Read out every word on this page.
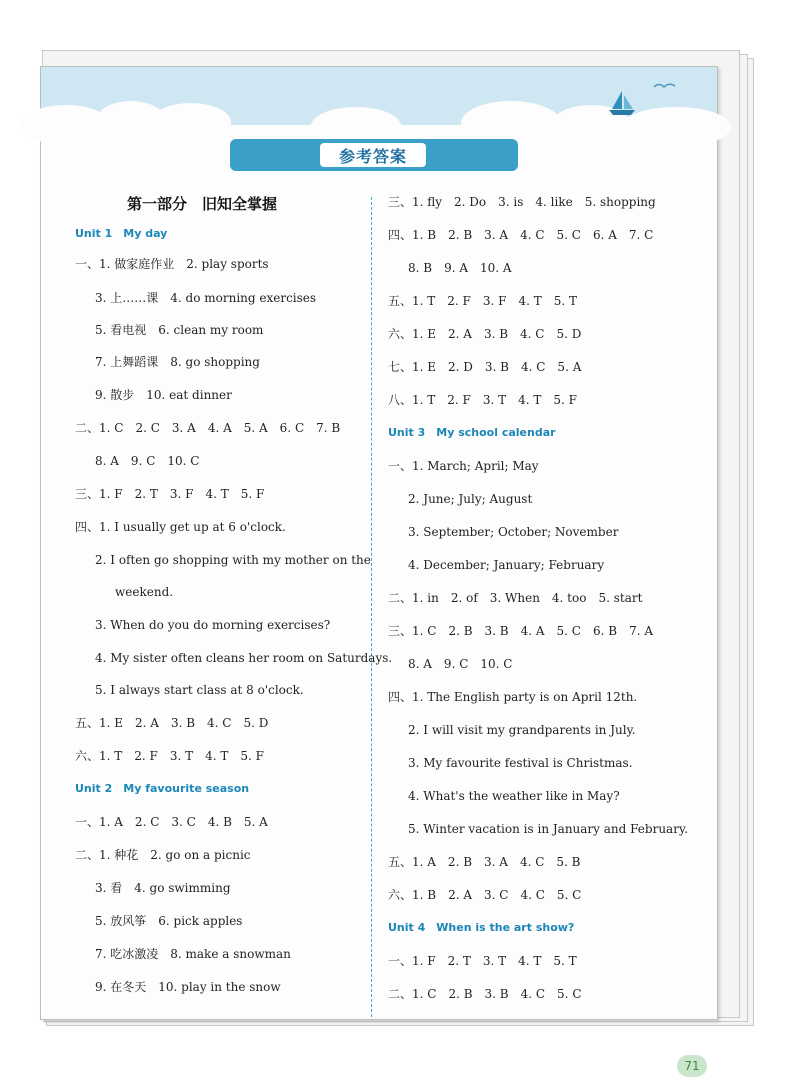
参考答案
第一部分　旧知全掌握
Unit 1　My day
一、1. 做家庭作业　2. play sports
3. 上……课　4. do morning exercises
5. 看电视　6. clean my room
7. 上舞蹈课　8. go shopping
9. 散步　10. eat dinner
二、1. C　2. C　3. A　4. A　5. A　6. C　7. B
8. A　9. C　10. C
三、1. F　2. T　3. F　4. T　5. F
四、1. I usually get up at 6 o'clock.
2. I often go shopping with my mother on the
weekend.
3. When do you do morning exercises?
4. My sister often cleans her room on Saturdays.
5. I always start class at 8 o'clock.
五、1. E　2. A　3. B　4. C　5. D
六、1. T　2. F　3. T　4. T　5. F
Unit 2　My favourite season
一、1. A　2. C　3. C　4. B　5. A
二、1. 种花　2. go on a picnic
3. 看　4. go swimming
5. 放风筝　6. pick apples
7. 吃冰激凌　8. make a snowman
9. 在冬天　10. play in the snow
三、1. fly　2. Do　3. is　4. like　5. shopping
四、1. B　2. B　3. A　4. C　5. C　6. A　7. C
8. B　9. A　10. A
五、1. T　2. F　3. F　4. T　5. T
六、1. E　2. A　3. B　4. C　5. D
七、1. E　2. D　3. B　4. C　5. A
八、1. T　2. F　3. T　4. T　5. F
Unit 3　My school calendar
一、1. March; April; May
2. June; July; August
3. September; October; November
4. December; January; February
二、1. in　2. of　3. When　4. too　5. start
三、1. C　2. B　3. B　4. A　5. C　6. B　7. A
8. A　9. C　10. C
四、1. The English party is on April 12th.
2. I will visit my grandparents in July.
3. My favourite festival is Christmas.
4. What's the weather like in May?
5. Winter vacation is in January and February.
五、1. A　2. B　3. A　4. C　5. B
六、1. B　2. A　3. C　4. C　5. C
Unit 4　When is the art show?
一、1. F　2. T　3. T　4. T　5. T
二、1. C　2. B　3. B　4. C　5. C
71
